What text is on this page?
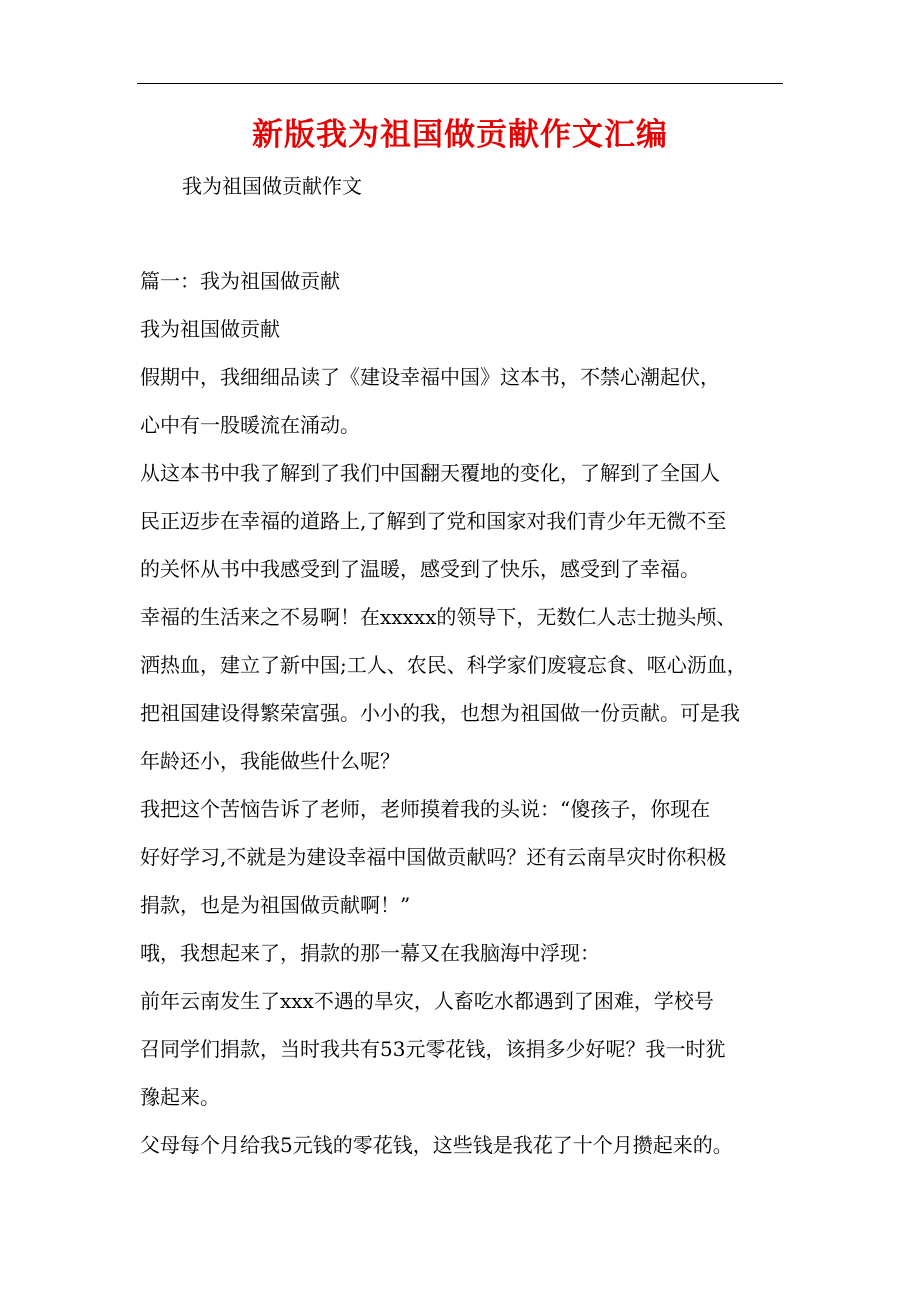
新版我为祖国做贡献作文汇编
我为祖国做贡献作文
篇一：我为祖国做贡献
我为祖国做贡献
假期中，我细细品读了《建设幸福中国》这本书，不禁心潮起伏，
心中有一股暖流在涌动。
从这本书中我了解到了我们中国翻天覆地的变化，了解到了全国人
民正迈步在幸福的道路上,了解到了党和国家对我们青少年无微不至
的关怀从书中我感受到了温暖，感受到了快乐，感受到了幸福。
幸福的生活来之不易啊！在xxxxx的领导下，无数仁人志士抛头颅、
洒热血，建立了新中国;工人、农民、科学家们废寝忘食、呕心沥血，
把祖国建设得繁荣富强。小小的我，也想为祖国做一份贡献。可是我
年龄还小，我能做些什么呢？
我把这个苦恼告诉了老师，老师摸着我的头说：“傻孩子，你现在
好好学习,不就是为建设幸福中国做贡献吗？还有云南旱灾时你积极
捐款，也是为祖国做贡献啊！”
哦，我想起来了，捐款的那一幕又在我脑海中浮现：
前年云南发生了xxx不遇的旱灾，人畜吃水都遇到了困难，学校号
召同学们捐款，当时我共有53元零花钱，该捐多少好呢？我一时犹
豫起来。
父母每个月给我5元钱的零花钱，这些钱是我花了十个月攒起来的。
